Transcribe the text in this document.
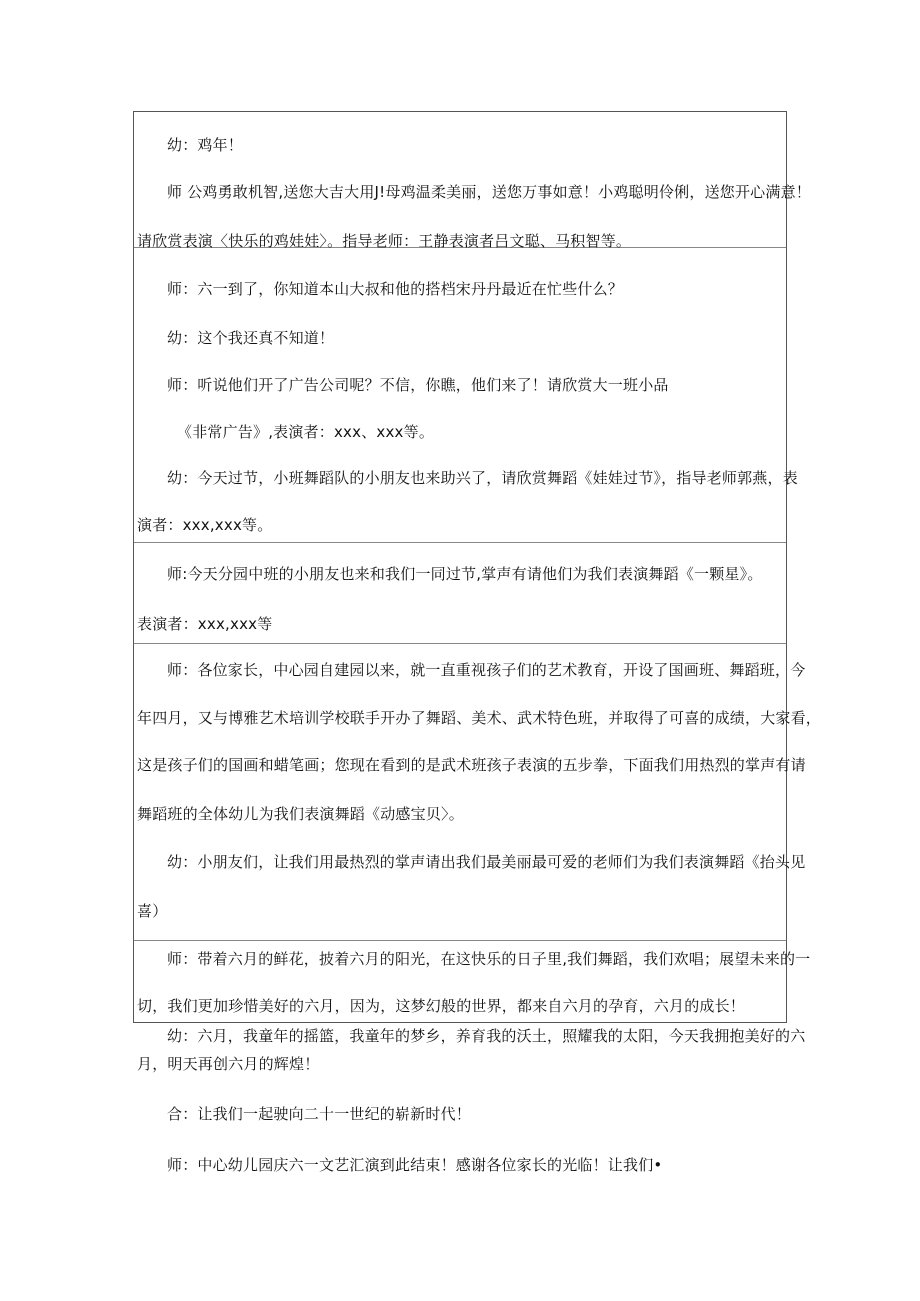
幼：鸡年！

师 公鸡勇敢机智,送您大吉大用J!母鸡温柔美丽，送您万事如意！小鸡聪明伶俐，送您开心满意！

请欣赏表演〈快乐的鸡娃娃〉。指导老师：王静表演者吕文聪、马积智等。

师：六一到了，你知道本山大叔和他的搭档宋丹丹最近在忙些什么？

幼：这个我还真不知道！

师：听说他们开了广告公司呢？不信，你瞧，他们来了！请欣赏大一班小品

《非常广告》,表演者：xxx、xxx等。

幼：今天过节，小班舞蹈队的小朋友也来助兴了，请欣赏舞蹈《娃娃过节》，指导老师郭燕，表

演者：xxx,xxx等。

师:今天分园中班的小朋友也来和我们一同过节,掌声有请他们为我们表演舞蹈《一颗星》。

表演者：xxx,xxx等

师：各位家长，中心园自建园以来，就一直重视孩子们的艺术教育，开设了国画班、舞蹈班，今

年四月，又与博雅艺术培训学校联手开办了舞蹈、美术、武术特色班，并取得了可喜的成绩，大家看，

这是孩子们的国画和蜡笔画；您现在看到的是武术班孩子表演的五步拳，下面我们用热烈的掌声有请

舞蹈班的全体幼儿为我们表演舞蹈《动感宝贝〉。

幼：小朋友们，让我们用最热烈的掌声请出我们最美丽最可爱的老师们为我们表演舞蹈《抬头见

喜）

师：带着六月的鲜花，披着六月的阳光，在这快乐的日子里,我们舞蹈，我们欢唱；展望未来的一

切，我们更加珍惜美好的六月，因为，这梦幻般的世界，都来自六月的孕育，六月的成长！

幼：六月，我童年的摇篮，我童年的梦乡，养育我的沃土，照耀我的太阳，今天我拥抱美好的六

月，明天再创六月的辉煌！

合：让我们一起驶向二十一世纪的崭新时代！

师：中心幼儿园庆六一文艺汇演到此结束！感谢各位家长的光临！让我们•
